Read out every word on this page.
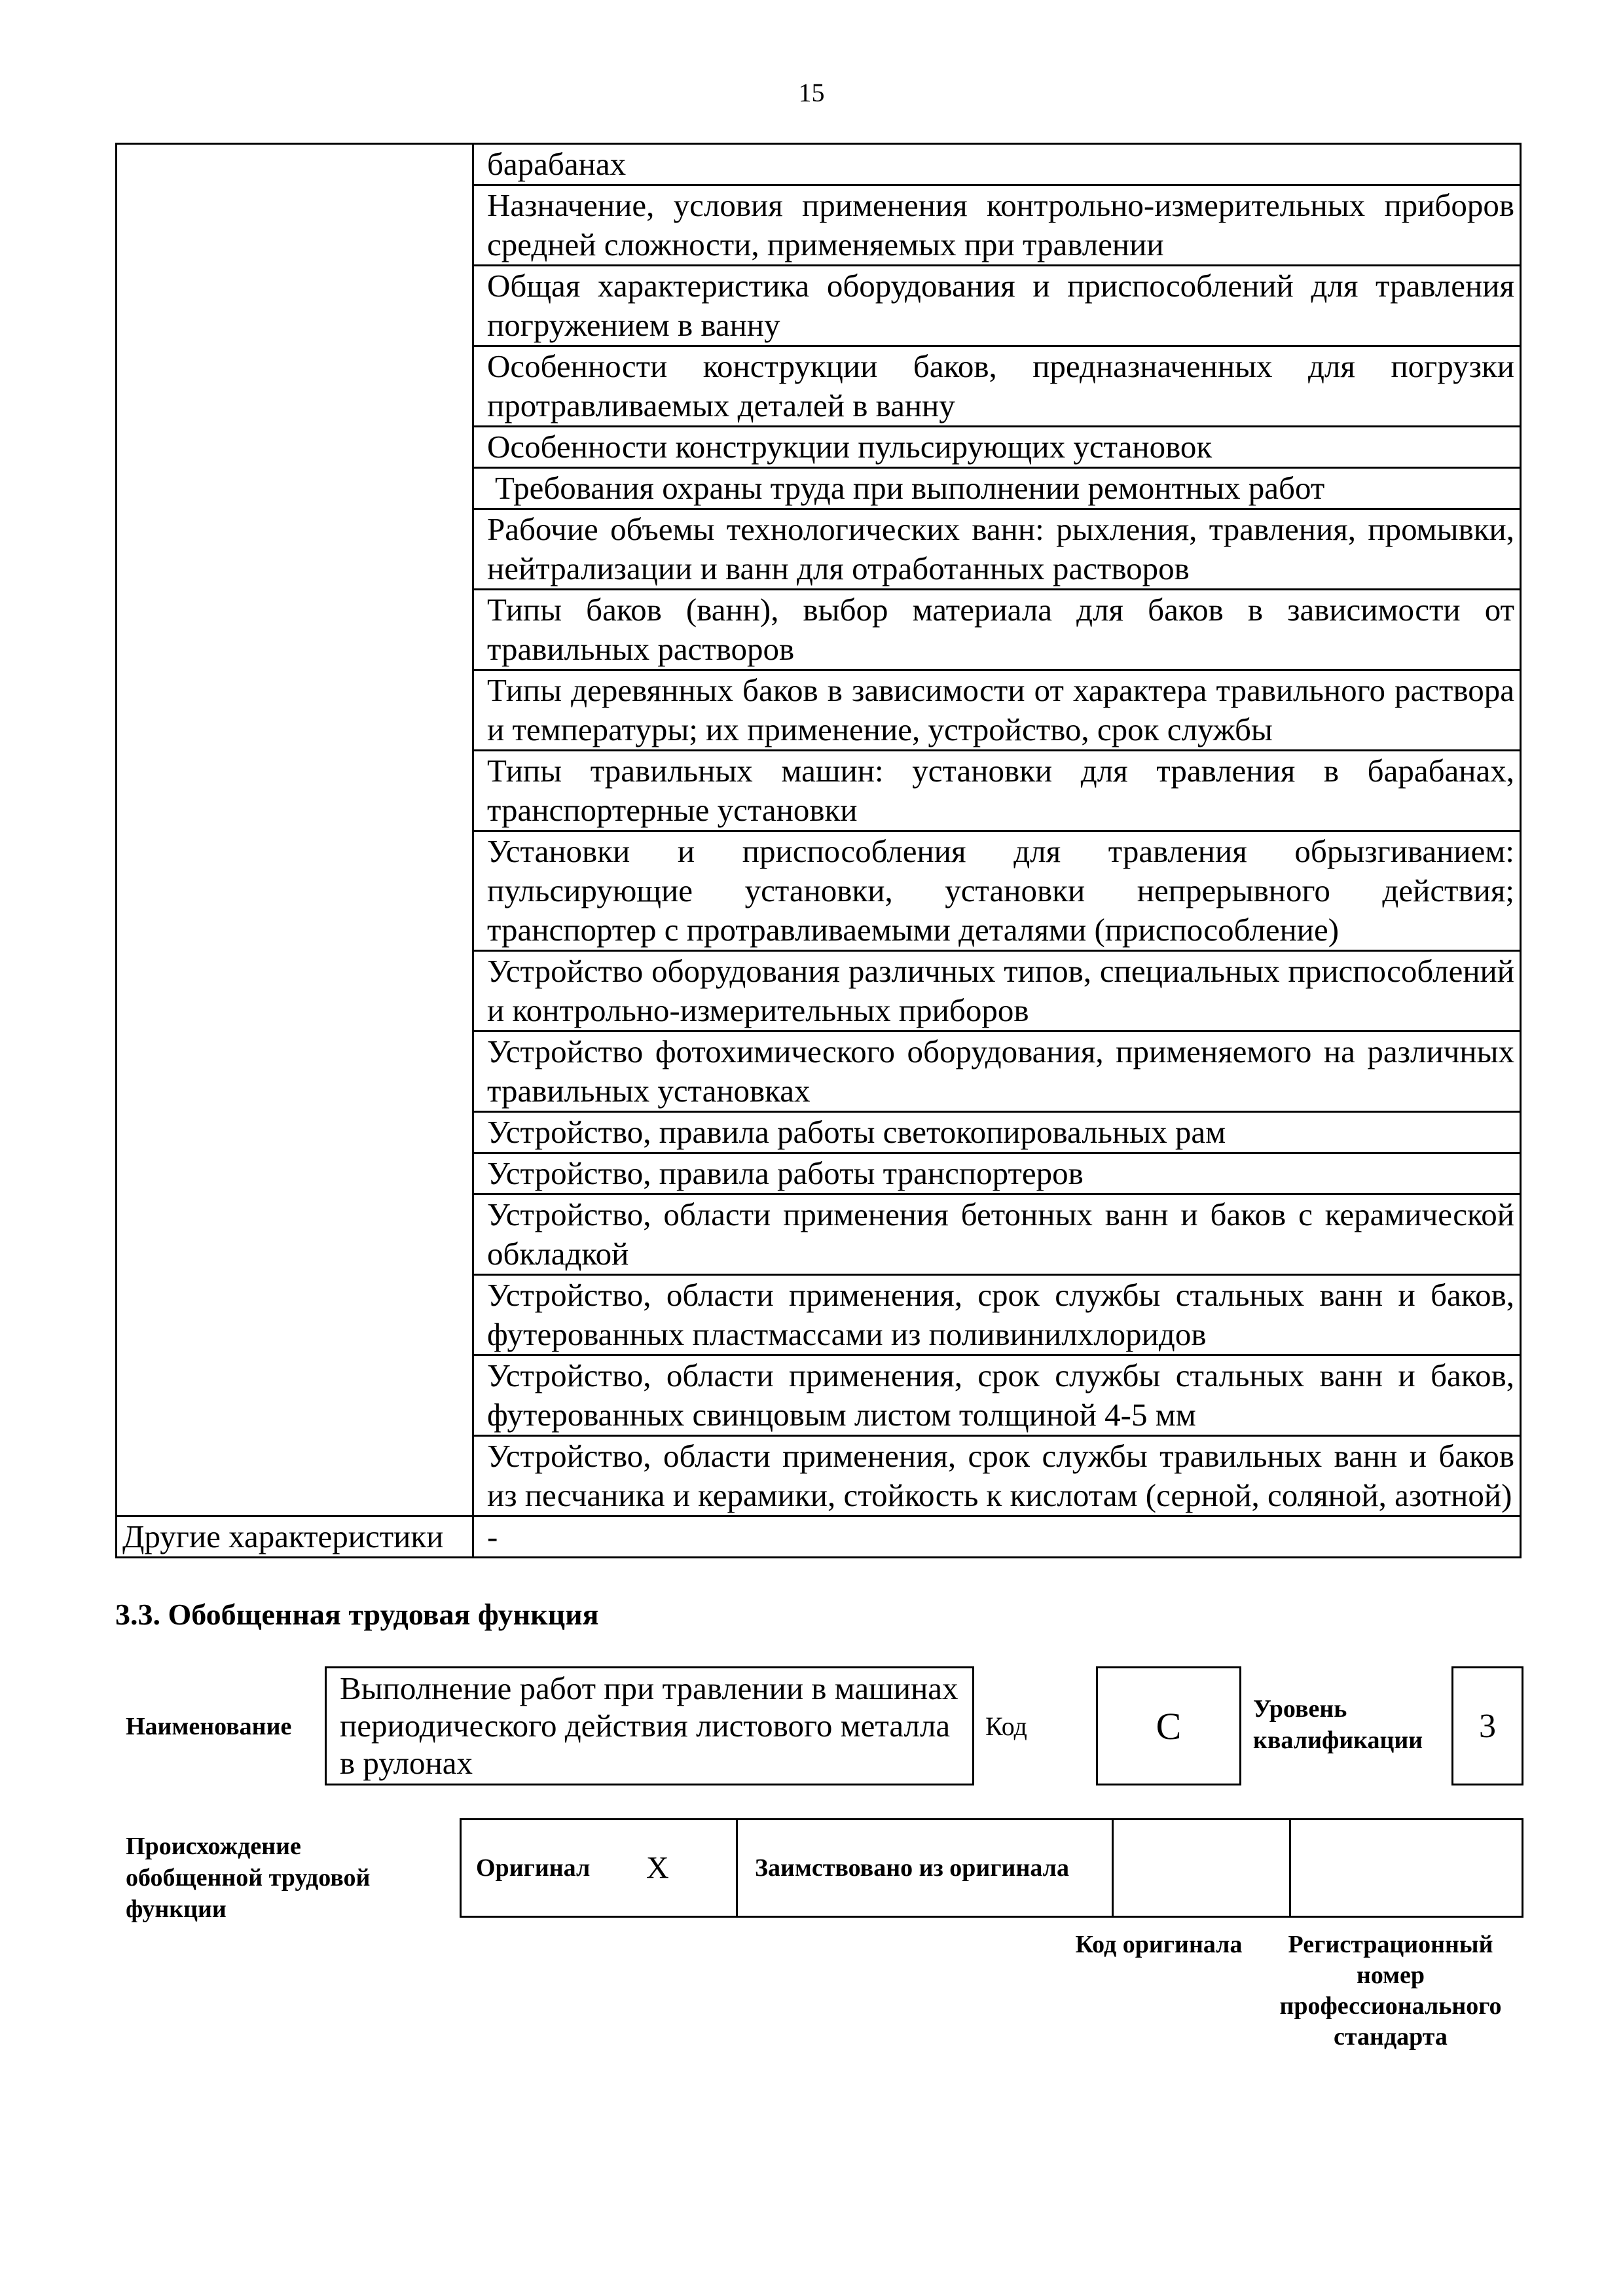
15
	барабанах
	Назначение, условия применения контрольно-измерительных приборов средней сложности, применяемых при травлении
	Общая характеристика оборудования и приспособлений для травления погружением в ванну
	Особенности конструкции баков, предназначенных для погрузки протравливаемых деталей в ванну
	Особенности конструкции пульсирующих установок
	Требования охраны труда при выполнении ремонтных работ
	Рабочие объемы технологических ванн: рыхления, травления, промывки, нейтрализации и ванн для отработанных растворов
	Типы баков (ванн), выбор материала для баков в зависимости от травильных растворов
	Типы деревянных баков в зависимости от характера травильного раствора и температуры; их применение, устройство, срок службы
	Типы травильных машин: установки для травления в барабанах, транспортерные установки
	Установки и приспособления для травления обрызгиванием: пульсирующие установки, установки непрерывного действия; транспортер с протравливаемыми деталями (приспособление)
	Устройство оборудования различных типов, специальных приспособлений и контрольно-измерительных приборов
	Устройство фотохимического оборудования, применяемого на различных травильных установках
	Устройство, правила работы светокопировальных рам
	Устройство, правила работы транспортеров
	Устройство, области применения бетонных ванн и баков с керамической обкладкой
	Устройство, области применения, срок службы стальных ванн и баков, футерованных пластмассами из поливинилхлоридов
	Устройство, области применения, срок службы стальных ванн и баков, футерованных свинцовым листом толщиной 4-5 мм
	Устройство, области применения, срок службы травильных ванн и баков из песчаника и керамики, стойкость к кислотам (серной, соляной, азотной)
Другие характеристики	-
3.3. Обобщенная трудовая функция
Наименование
Выполнение работ при травлении в машинах периодического действия листового металла в рулонах
Код	C	Уровень квалификации	3
Происхождение обобщенной трудовой функции
Оригинал X	Заимствовано из оригинала		
Код оригинала	Регистрационный номер профессионального стандарта
